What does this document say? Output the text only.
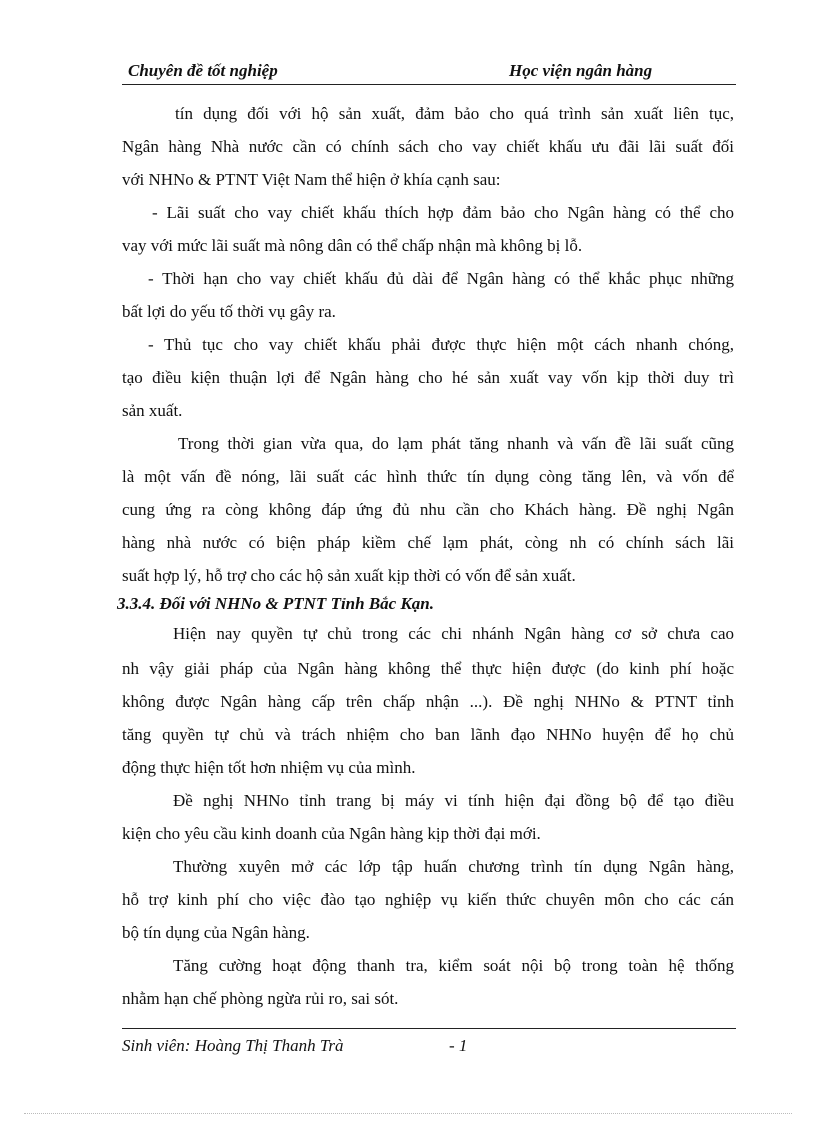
Chuyên đề tốt nghiệp	Học viện ngân hàng
tín dụng đối với hộ sản xuất, đảm bảo cho quá trình sản xuất liên tục,
Ngân hàng Nhà nước cần có chính sách cho vay chiết khấu ưu đãi lãi suất đối
với NHNo & PTNT Việt Nam thể hiện ở khía cạnh sau:
- Lãi suất cho vay chiết khấu thích hợp đảm bảo cho Ngân hàng có thể cho
vay với mức lãi suất mà nông dân có thể chấp nhận mà không bị lỗ.
- Thời hạn cho vay chiết khấu đủ dài để Ngân hàng có thể khắc phục những
bất lợi do yếu tố thời vụ gây ra.
- Thủ tục cho vay chiết khấu phải được thực hiện một cách nhanh chóng,
tạo điều kiện thuận lợi để Ngân hàng cho hé sản xuất vay vốn kịp thời duy trì
sản xuất.
Trong thời gian vừa qua, do lạm phát tăng nhanh và vấn đề lãi suất cũng
là một vấn đề nóng, lãi suất các hình thức tín dụng còng tăng lên, và vốn để
cung ứng ra còng không đáp ứng đủ nhu cần cho Khách hàng. Đề nghị Ngân
hàng nhà nước có biện pháp kiềm chế lạm phát, còng nh có chính sách lãi
suất hợp lý, hỗ trợ cho các hộ sản xuất kịp thời có vốn để sản xuất.
3.3.4. Đối với NHNo & PTNT Tỉnh Bắc Kạn.
Hiện nay quyền tự chủ trong các chi nhánh Ngân hàng cơ sở chưa cao
nh vậy giải pháp của Ngân hàng không thể thực hiện được (do kinh phí hoặc
không được Ngân hàng cấp trên chấp nhận ...). Đề nghị NHNo & PTNT tỉnh
tăng quyền tự chủ và trách nhiệm cho ban lãnh đạo NHNo huyện để họ chủ
động thực hiện tốt hơn nhiệm vụ của mình.
Đề nghị NHNo tỉnh trang bị máy vi tính hiện đại đồng bộ để tạo điều
kiện cho yêu cầu kinh doanh của Ngân hàng kịp thời đại mới.
Thường xuyên mở các lớp tập huấn chương trình tín dụng Ngân hàng,
hỗ trợ kinh phí cho việc đào tạo nghiệp vụ kiến thức chuyên môn cho các cán
bộ tín dụng của Ngân hàng.
Tăng cường hoạt động thanh tra, kiểm soát nội bộ trong toàn hệ thống
nhằm hạn chế phòng ngừa rủi ro, sai sót.
Sinh viên: Hoàng Thị Thanh Trà	- 1
